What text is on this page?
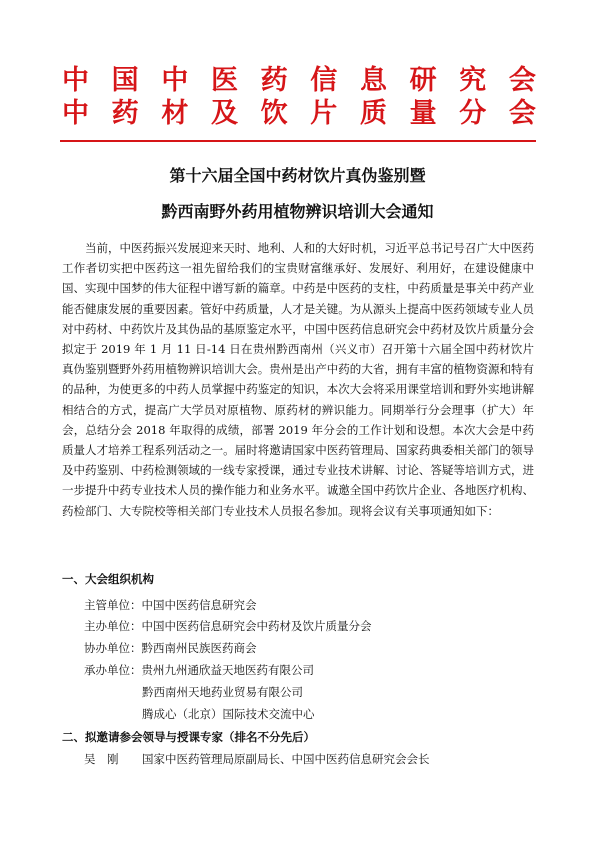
中 国 中 医 药 信 息 研 究 会
中 药 材 及 饮 片 质 量 分 会
第十六届全国中药材饮片真伪鉴别暨
黔西南野外药用植物辨识培训大会通知

当前，中医药振兴发展迎来天时、地利、人和的大好时机，习近平总书记号召广大中医药工作者切实把中医药这一祖先留给我们的宝贵财富继承好、发展好、利用好，在建设健康中国、实现中国梦的伟大征程中谱写新的篇章。中药是中医药的支柱，中药质量是事关中药产业能否健康发展的重要因素。管好中药质量，人才是关键。为从源头上提高中医药领域专业人员对中药材、中药饮片及其伪品的基原鉴定水平，中国中医药信息研究会中药材及饮片质量分会拟定于 2019 年 1 月 11 日-14 日在贵州黔西南州（兴义市）召开第十六届全国中药材饮片真伪鉴别暨野外药用植物辨识培训大会。贵州是出产中药的大省，拥有丰富的植物资源和特有的品种，为使更多的中药人员掌握中药鉴定的知识，本次大会将采用课堂培训和野外实地讲解相结合的方式，提高广大学员对原植物、原药材的辨识能力。同期举行分会理事（扩大）年会，总结分会 2018 年取得的成绩，部署 2019 年分会的工作计划和设想。本次大会是中药质量人才培养工程系列活动之一。届时将邀请国家中医药管理局、国家药典委相关部门的领导及中药鉴别、中药检测领域的一线专家授课，通过专业技术讲解、讨论、答疑等培训方式，进一步提升中药专业技术人员的操作能力和业务水平。诚邀全国中药饮片企业、各地医疗机构、药检部门、大专院校等相关部门专业技术人员报名参加。现将会议有关事项通知如下：

一、大会组织机构
主管单位：中国中医药信息研究会
主办单位：中国中医药信息研究会中药材及饮片质量分会
协办单位：黔西南州民族医药商会
承办单位：贵州九州通欣益天地医药有限公司
黔西南州天地药业贸易有限公司
腾成心（北京）国际技术交流中心
二、拟邀请参会领导与授课专家（排名不分先后）
吴　刚 国家中医药管理局原副局长、中国中医药信息研究会会长
